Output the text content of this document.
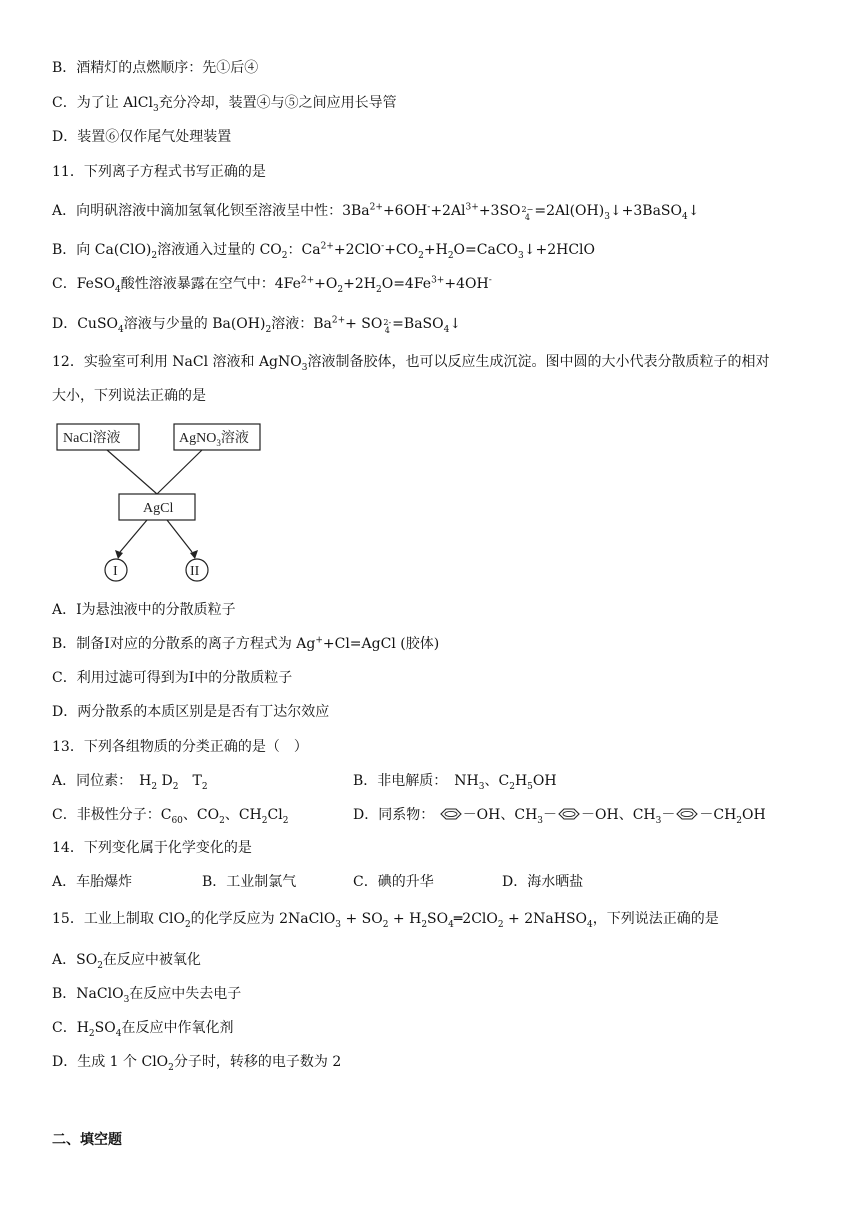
B．酒精灯的点燃顺序：先①后④
C．为了让 AlCl$_3$充分冷却，装置④与⑤之间应用长导管
D．装置⑥仅作尾气处理装置
11．下列离子方程式书写正确的是
A．向明矾溶液中滴加氢氧化钡至溶液呈中性：$3Ba^{2+}+6OH^-+2Al^{3+}+3SO$ 2−
$4 =2Al(OH)_3↓+3BaSO_4↓$
B．向 $Ca(ClO)_2$溶液通入过量的 $CO_2$：$Ca^{2+}+2ClO^-+CO_2+H_2O=CaCO_3↓+2HClO$
C．FeSO$_4$酸性溶液暴露在空气中：$4Fe^{2+}+O_2+2H_2O=4Fe^{3+}+4OH^-$
D．CuSO$_4$溶液与少量的 $Ba(OH)_2$溶液：$Ba^{2+}+$ SO 2-
4 =BaSO$_4$↓
12．实验室可利用 NaCl 溶液和 AgNO$_3$溶液制备胶体，也可以反应生成沉淀。图中圆的大小代表分散质粒子的相对
大小，下列说法正确的是
NaCl溶液	AgNO$_3$溶液
AgCl
I	II
A．I为悬浊液中的分散质粒子
B．制备I对应的分散系的离子方程式为 Ag++Cl=AgCl (胶体)
C．利用过滤可得到为I中的分散质粒子
D．两分散系的本质区别是是否有丁达尔效应
13．下列各组物质的分类正确的是（　）
A．同位素：　$H_2$ $D_2$　 $T_2$	B．非电解质：　$NH_3$、$C_2H_5OH$
C．非极性分子：$C_{60}$、$CO_2$、$CH_2Cl_2$	D．同系物： －OH、$CH_3- -OH$、$CH_3- -CH_2OH$
14．下列变化属于化学变化的是
A．车胎爆炸	B．工业制氯气	C．碘的升华	D．海水晒盐
15．工业上制取 ClO$_2$的化学反应为 2NaClO$_3$ + $SO_2$ + $H_2SO_4═2ClO_2$ + 2NaHSO$_4$，下列说法正确的是
A．$SO_2$在反应中被氧化
B．NaClO$_3$在反应中失去电子
C．$H_2SO_4$在反应中作氧化剂
D．生成 1 个 ClO$_2$分子时，转移的电子数为 2
二、填空题
